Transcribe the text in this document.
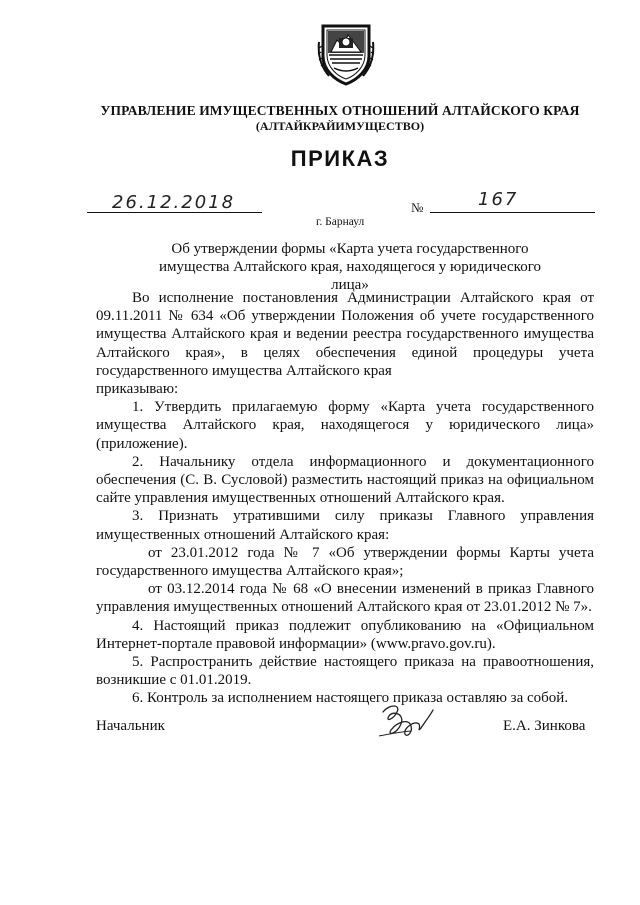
УПРАВЛЕНИЕ ИМУЩЕСТВЕННЫХ ОТНОШЕНИЙ АЛТАЙСКОГО КРАЯ
(АЛТАЙКРАЙИМУЩЕСТВО)
ПРИКАЗ
26.12.2018	№	167
г. Барнаул
Об утверждении формы «Карта учета государственного имущества Алтайского края, находящегося у юридического лица»

Во исполнение постановления Администрации Алтайского края от 09.11.2011 № 634 «Об утверждении Положения об учете государственного имущества Алтайского края и ведении реестра государственного имущества Алтайского края», в целях обеспечения единой процедуры учета государственного имущества Алтайского края

приказываю:

1. Утвердить прилагаемую форму «Карта учета государственного имущества Алтайского края, находящегося у юридического лица» (приложение).

2. Начальнику отдела информационного и документационного обеспечения (С. В. Сусловой) разместить настоящий приказ на официальном сайте управления имущественных отношений Алтайского края.

3. Признать утратившими силу приказы Главного управления имущественных отношений Алтайского края:

от 23.01.2012 года № 7 «Об утверждении формы Карты учета государственного имущества Алтайского края»;

от 03.12.2014 года № 68 «О внесении изменений в приказ Главного управления имущественных отношений Алтайского края от 23.01.2012 № 7».

4. Настоящий приказ подлежит опубликованию на «Официальном Интернет-портале правовой информации» (www.pravo.gov.ru).

5. Распространить действие настоящего приказа на правоотношения, возникшие с 01.01.2019.

6. Контроль за исполнением настоящего приказа оставляю за собой.

Начальник	Е.А. Зинкова
